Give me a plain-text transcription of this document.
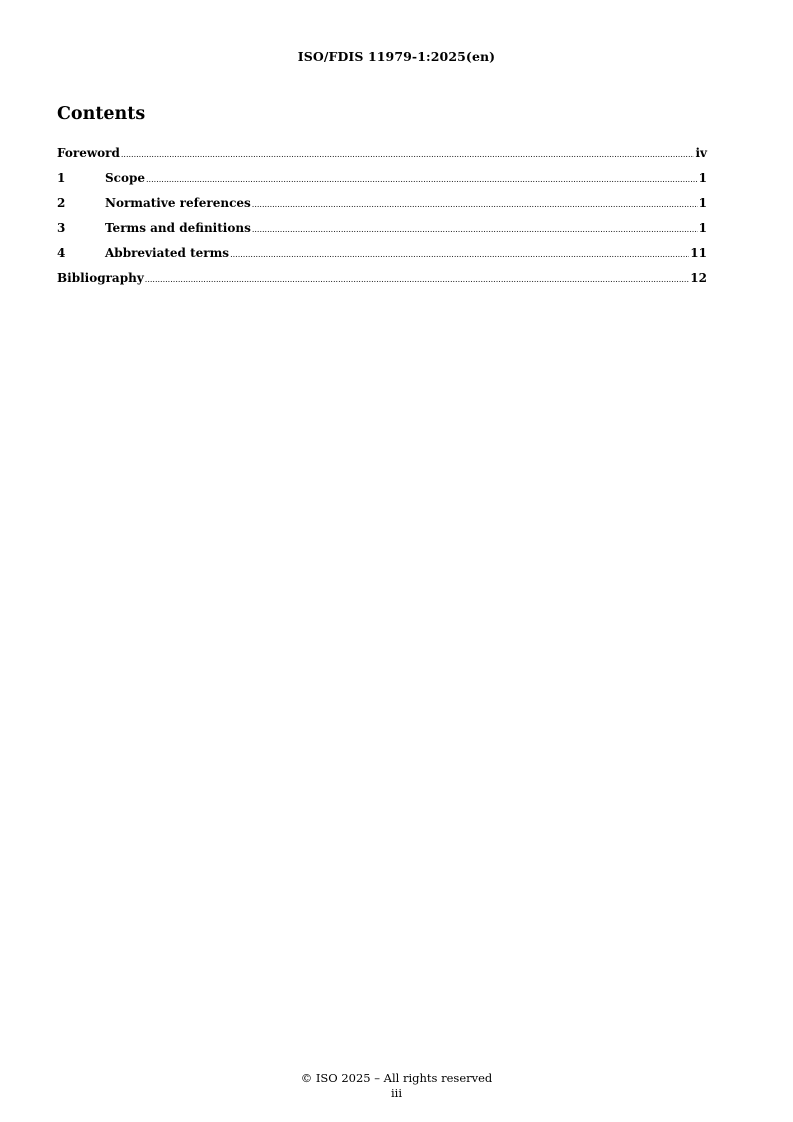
ISO/FDIS 11979-1:2025(en)
Contents
Foreword .....	iv
1	Scope .....	1
2	Normative references .....	1
3	Terms and definitions .....	1
4	Abbreviated terms .....	11
Bibliography .....	12
© ISO 2025 – All rights reserved
iii
